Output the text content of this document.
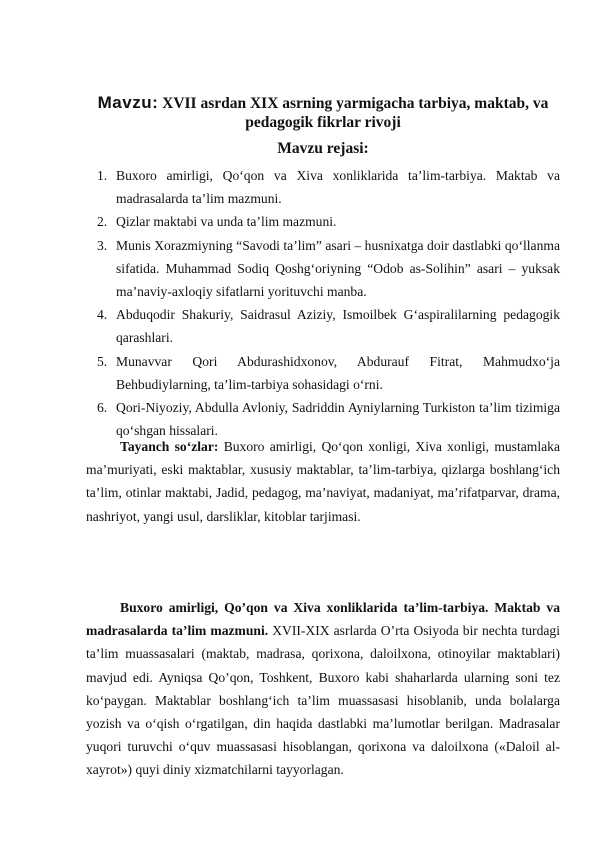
Mavzu: XVII asrdan XIX asrning yarmigacha tarbiya, maktab, va pedagogik fikrlar rivoji
Mavzu rejasi:
1. Buxoro amirligi, Qo‘qon va Xiva xonliklarida ta’lim-tarbiya. Maktab va madrasalarda ta’lim mazmuni.
2. Qizlar maktabi va unda ta’lim mazmuni.
3. Munis Xorazmiyning “Savodi ta’lim” asari – husnixatga doir dastlabki qo‘llanma sifatida. Muhammad Sodiq Qoshg‘oriyning “Odob as-Solihin” asari – yuksak ma’naviy-axloqiy sifatlarni yorituvchi manba.
4. Abduqodir Shakuriy, Saidrasul Aziziy, Ismoilbek G‘aspiralilarning pedagogik qarashlari.
5. Munavvar Qori Abdurashidxonov, Abdurauf Fitrat, Mahmudxo‘ja Behbudiylarning, ta’lim-tarbiya sohasidagi o‘rni.
6. Qori-Niyoziy, Abdulla Avloniy, Sadriddin Ayniylarning Turkiston ta’lim tizimiga qo‘shgan hissalari.

Tayanch so‘zlar: Buxoro amirligi, Qo‘qon xonligi, Xiva xonligi, mustamlaka ma’muriyati, eski maktablar, xususiy maktablar, ta’lim-tarbiya, qizlarga boshlang‘ich ta’lim, otinlar maktabi, Jadid, pedagog, ma’naviyat, madaniyat, ma’rifatparvar, drama, nashriyot, yangi usul, darsliklar, kitoblar tarjimasi.

Buxoro amirligi, Qo’qon va Xiva xonliklarida ta’lim-tarbiya. Maktab va madrasalarda ta’lim mazmuni. XVII-XIX asrlarda O’rta Osiyoda bir nechta turdagi ta’lim muassasalari (maktab, madrasa, qorixona, daloilxona, otinoyilar maktablari) mavjud edi. Ayniqsa Qo’qon, Toshkent, Buxoro kabi shaharlarda ularning soni tez ko‘paygan. Maktablar boshlang‘ich ta’lim muassasasi hisoblanib, unda bolalarga yozish va o‘qish o‘rgatilgan, din haqida dastlabki ma’lumotlar berilgan. Madrasalar yuqori turuvchi o‘quv muassasasi hisoblangan, qorixona va daloilxona («Daloil al-xayrot») quyi diniy xizmatchilarni tayyorlagan.
